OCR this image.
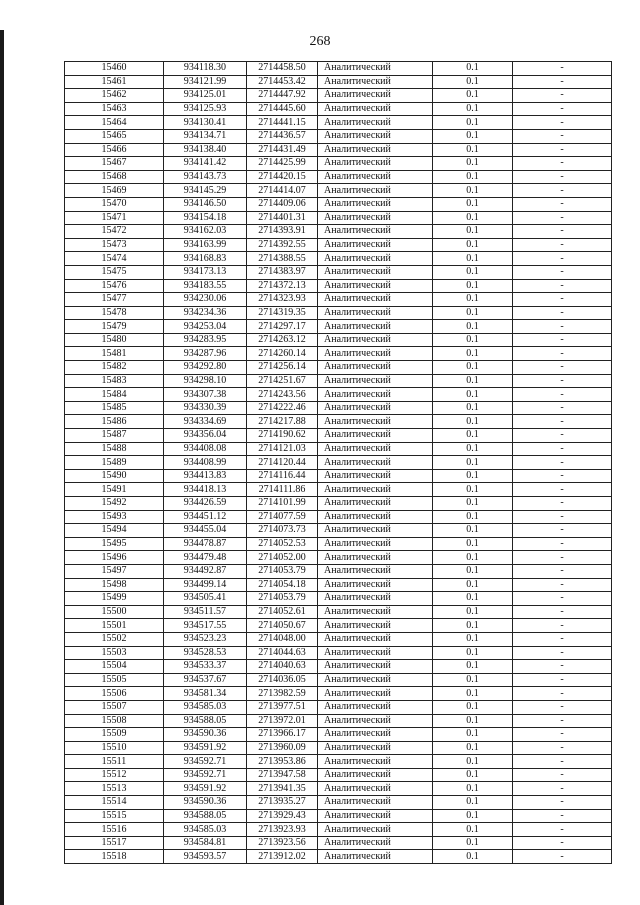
268
15460	934118.30	2714458.50	Аналитический	0.1	-
15461	934121.99	2714453.42	Аналитический	0.1	-
15462	934125.01	2714447.92	Аналитический	0.1	-
15463	934125.93	2714445.60	Аналитический	0.1	-
15464	934130.41	2714441.15	Аналитический	0.1	-
15465	934134.71	2714436.57	Аналитический	0.1	-
15466	934138.40	2714431.49	Аналитический	0.1	-
15467	934141.42	2714425.99	Аналитический	0.1	-
15468	934143.73	2714420.15	Аналитический	0.1	-
15469	934145.29	2714414.07	Аналитический	0.1	-
15470	934146.50	2714409.06	Аналитический	0.1	-
15471	934154.18	2714401.31	Аналитический	0.1	-
15472	934162.03	2714393.91	Аналитический	0.1	-
15473	934163.99	2714392.55	Аналитический	0.1	-
15474	934168.83	2714388.55	Аналитический	0.1	-
15475	934173.13	2714383.97	Аналитический	0.1	-
15476	934183.55	2714372.13	Аналитический	0.1	-
15477	934230.06	2714323.93	Аналитический	0.1	-
15478	934234.36	2714319.35	Аналитический	0.1	-
15479	934253.04	2714297.17	Аналитический	0.1	-
15480	934283.95	2714263.12	Аналитический	0.1	-
15481	934287.96	2714260.14	Аналитический	0.1	-
15482	934292.80	2714256.14	Аналитический	0.1	-
15483	934298.10	2714251.67	Аналитический	0.1	-
15484	934307.38	2714243.56	Аналитический	0.1	-
15485	934330.39	2714222.46	Аналитический	0.1	-
15486	934334.69	2714217.88	Аналитический	0.1	-
15487	934356.04	2714190.62	Аналитический	0.1	-
15488	934408.08	2714121.03	Аналитический	0.1	-
15489	934408.99	2714120.44	Аналитический	0.1	-
15490	934413.83	2714116.44	Аналитический	0.1	-
15491	934418.13	2714111.86	Аналитический	0.1	-
15492	934426.59	2714101.99	Аналитический	0.1	-
15493	934451.12	2714077.59	Аналитический	0.1	-
15494	934455.04	2714073.73	Аналитический	0.1	-
15495	934478.87	2714052.53	Аналитический	0.1	-
15496	934479.48	2714052.00	Аналитический	0.1	-
15497	934492.87	2714053.79	Аналитический	0.1	-
15498	934499.14	2714054.18	Аналитический	0.1	-
15499	934505.41	2714053.79	Аналитический	0.1	-
15500	934511.57	2714052.61	Аналитический	0.1	-
15501	934517.55	2714050.67	Аналитический	0.1	-
15502	934523.23	2714048.00	Аналитический	0.1	-
15503	934528.53	2714044.63	Аналитический	0.1	-
15504	934533.37	2714040.63	Аналитический	0.1	-
15505	934537.67	2714036.05	Аналитический	0.1	-
15506	934581.34	2713982.59	Аналитический	0.1	-
15507	934585.03	2713977.51	Аналитический	0.1	-
15508	934588.05	2713972.01	Аналитический	0.1	-
15509	934590.36	2713966.17	Аналитический	0.1	-
15510	934591.92	2713960.09	Аналитический	0.1	-
15511	934592.71	2713953.86	Аналитический	0.1	-
15512	934592.71	2713947.58	Аналитический	0.1	-
15513	934591.92	2713941.35	Аналитический	0.1	-
15514	934590.36	2713935.27	Аналитический	0.1	-
15515	934588.05	2713929.43	Аналитический	0.1	-
15516	934585.03	2713923.93	Аналитический	0.1	-
15517	934584.81	2713923.56	Аналитический	0.1	-
15518	934593.57	2713912.02	Аналитический	0.1	-
